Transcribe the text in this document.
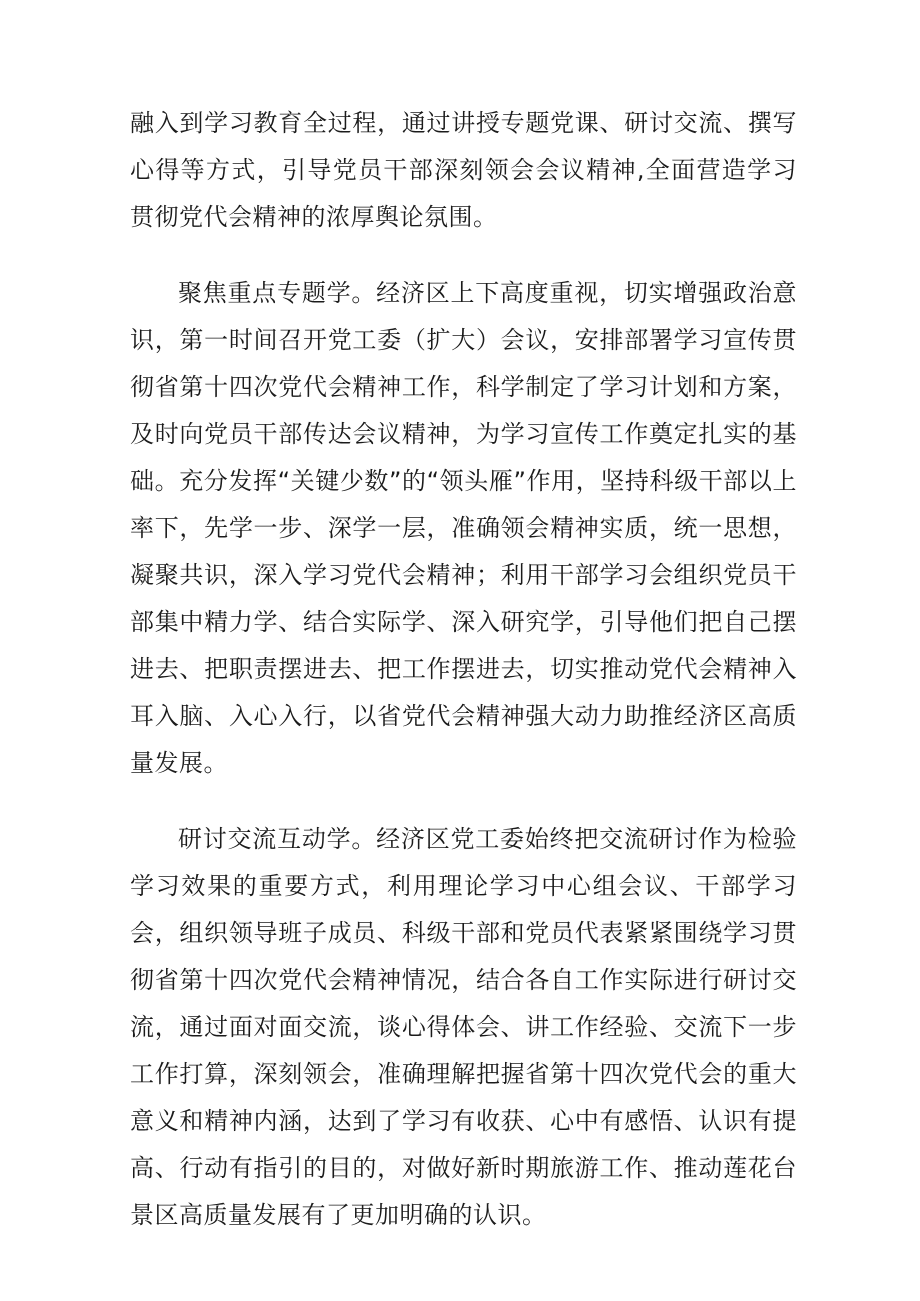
融入到学习教育全过程，通过讲授专题党课、研讨交流、撰写心得等方式，引导党员干部深刻领会会议精神,全面营造学习贯彻党代会精神的浓厚舆论氛围。

聚焦重点专题学。经济区上下高度重视，切实增强政治意识，第一时间召开党工委（扩大）会议，安排部署学习宣传贯彻省第十四次党代会精神工作，科学制定了学习计划和方案，及时向党员干部传达会议精神，为学习宣传工作奠定扎实的基础。充分发挥“关键少数”的“领头雁”作用，坚持科级干部以上率下，先学一步、深学一层，准确领会精神实质，统一思想，凝聚共识，深入学习党代会精神；利用干部学习会组织党员干部集中精力学、结合实际学、深入研究学，引导他们把自己摆进去、把职责摆进去、把工作摆进去，切实推动党代会精神入耳入脑、入心入行，以省党代会精神强大动力助推经济区高质量发展。

研讨交流互动学。经济区党工委始终把交流研讨作为检验学习效果的重要方式，利用理论学习中心组会议、干部学习会，组织领导班子成员、科级干部和党员代表紧紧围绕学习贯彻省第十四次党代会精神情况，结合各自工作实际进行研讨交流，通过面对面交流，谈心得体会、讲工作经验、交流下一步工作打算，深刻领会，准确理解把握省第十四次党代会的重大意义和精神内涵，达到了学习有收获、心中有感悟、认识有提高、行动有指引的目的，对做好新时期旅游工作、推动莲花台景区高质量发展有了更加明确的认识。
